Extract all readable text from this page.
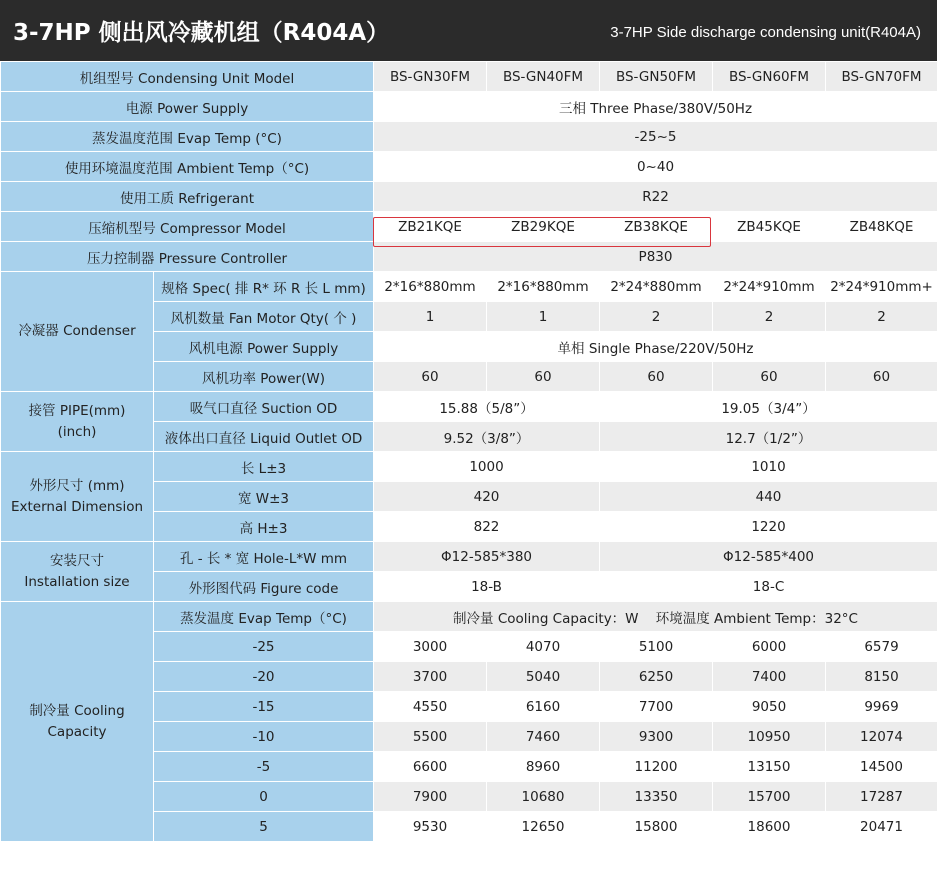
3-7HP 侧出风冷藏机组（R404A）	3-7HP Side discharge condensing unit(R404A)
机组型号 Condensing Unit Model		BS-GN30FM	BS-GN40FM	BS-GN50FM	BS-GN60FM	BS-GN70FM
电源 Power Supply		三相 Three Phase/380V/50Hz				
蒸发温度范围 Evap Temp (°C)		-25~5				
使用环境温度范围 Ambient Temp（°C)		0~40				
使用工质 Refrigerant		R22				
压缩机型号 Compressor Model		ZB21KQE	ZB29KQE	ZB38KQE	ZB45KQE	ZB48KQE
压力控制器 Pressure Controller		P830				
冷凝器 Condenser	规格 Spec( 排 R* 环 R 长 L mm)	2*16*880mm	2*16*880mm	2*24*880mm	2*24*910mm	2*24*910mm+
	风机数量 Fan Motor Qty( 个 )	1	1	2	2	2
	风机电源 Power Supply	单相 Single Phase/220V/50Hz				
	风机功率 Power(W)	60	60	60	60	60

接管 PIPE(mm)
(inch)	吸气口直径 Suction OD	15.88（5/8”）		19.05（3/4”）		
	液体出口直径 Liquid Outlet OD	9.52（3/8”）		12.7（1/2”）		

外形尺寸 (mm)
External Dimension	长 L±3	1000		1010		
	宽 W±3	420		440		
	高 H±3	822		1220		

安装尺寸
Installation size	孔 - 长 * 宽 Hole-L*W mm	Φ12-585*380		Φ12-585*400		
	外形图代码 Figure code	18-B		18-C		

制冷量 Cooling
Capacity	蒸发温度 Evap Temp（°C)	制冷量 Cooling Capacity：W    环境温度 Ambient Temp：32°C				
	-25	3000	4070	5100	6000	6579
	-20	3700	5040	6250	7400	8150
	-15	4550	6160	7700	9050	9969
	-10	5500	7460	9300	10950	12074
	-5	6600	8960	11200	13150	14500
	0	7900	10680	13350	15700	17287
	5	9530	12650	15800	18600	20471
